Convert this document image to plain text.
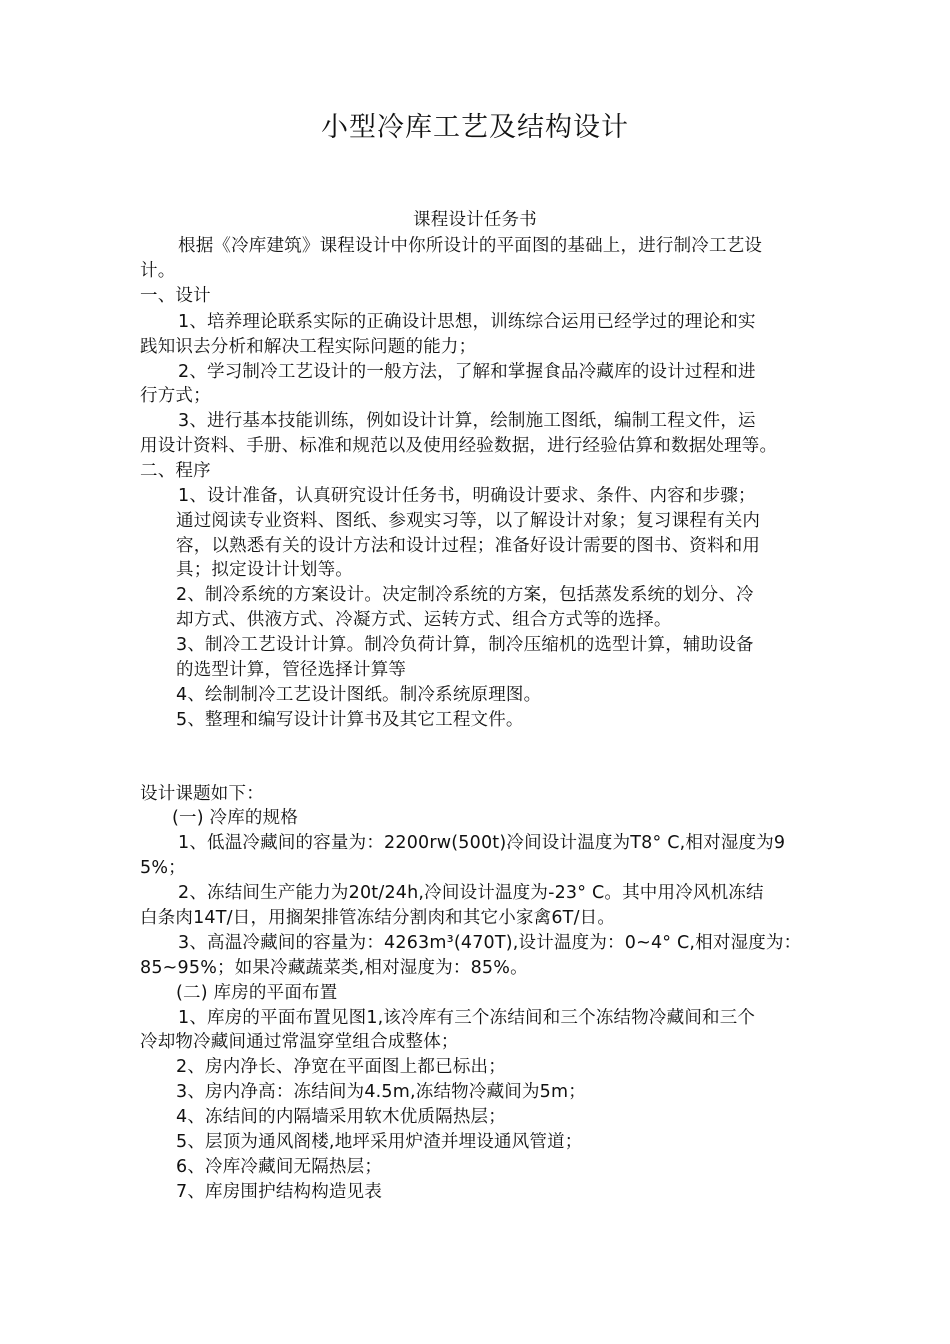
小型冷库工艺及结构设计
课程设计任务书
根据《冷库建筑》课程设计中你所设计的平面图的基础上，进行制冷工艺设
计。
一、设计
1、培养理论联系实际的正确设计思想，训练综合运用已经学过的理论和实
践知识去分析和解决工程实际问题的能力；
2、学习制冷工艺设计的一般方法，了解和掌握食品冷藏库的设计过程和进
行方式；
3、进行基本技能训练，例如设计计算，绘制施工图纸，编制工程文件，运
用设计资料、手册、标准和规范以及使用经验数据，进行经验估算和数据处理等。
二、程序
1、设计准备，认真研究设计任务书，明确设计要求、条件、内容和步骤；
通过阅读专业资料、图纸、参观实习等，以了解设计对象；复习课程有关内
容，以熟悉有关的设计方法和设计过程；准备好设计需要的图书、资料和用
具；拟定设计计划等。
2、制冷系统的方案设计。决定制冷系统的方案，包括蒸发系统的划分、冷
却方式、供液方式、冷凝方式、运转方式、组合方式等的选择。
3、制冷工艺设计计算。制冷负荷计算，制冷压缩机的选型计算，辅助设备
的选型计算，管径选择计算等
4、绘制制冷工艺设计图纸。制冷系统原理图。
5、整理和编写设计计算书及其它工程文件。
设计课题如下：
(一) 冷库的规格
1、低温冷藏间的容量为：2200rw(500t)冷间设计温度为T8° C,相对湿度为9
5%；
2、冻结间生产能力为20t/24h,冷间设计温度为-23° C。其中用冷风机冻结
白条肉14T/日，用搁架排管冻结分割肉和其它小家禽6T/日。
3、高温冷藏间的容量为：4263m³(470T),设计温度为：0~4° C,相对湿度为：
85~95%；如果冷藏蔬菜类,相对湿度为：85%。
(二) 库房的平面布置
1、库房的平面布置见图1,该冷库有三个冻结间和三个冻结物冷藏间和三个
冷却物冷藏间通过常温穿堂组合成整体；
2、房内净长、净宽在平面图上都已标出；
3、房内净高：冻结间为4.5m,冻结物冷藏间为5m；
4、冻结间的内隔墙采用软木优质隔热层；
5、层顶为通风阁楼,地坪采用炉渣并埋设通风管道；
6、冷库冷藏间无隔热层；
7、库房围护结构构造见表
